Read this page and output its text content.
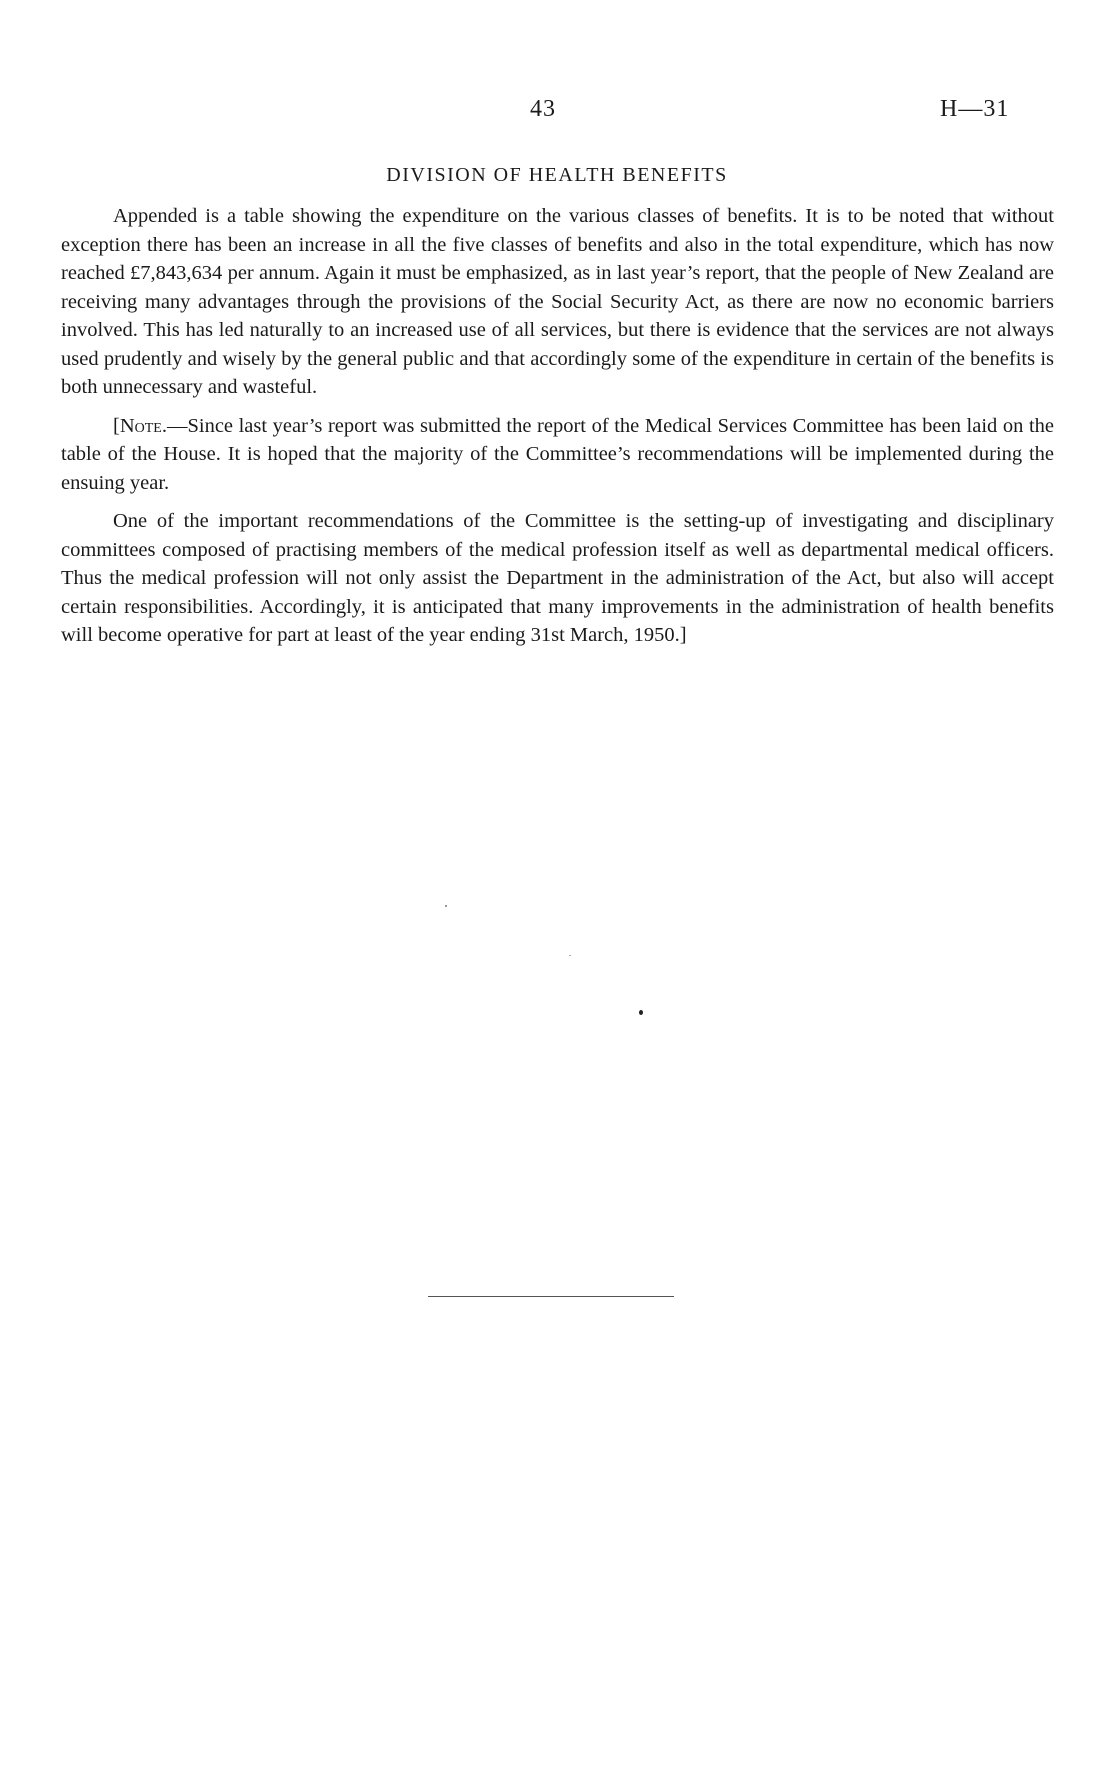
43	H—31
DIVISION OF HEALTH BENEFITS

Appended is a table showing the expenditure on the various classes of benefits. It is to be noted that without exception there has been an increase in all the five classes of benefits and also in the total expenditure, which has now reached £7,843,634 per annum. Again it must be emphasized, as in last year’s report, that the people of New Zealand are receiving many advantages through the provisions of the Social Security Act, as there are now no economic barriers involved. This has led naturally to an increased use of all services, but there is evidence that the services are not always used prudently and wisely by the general public and that accordingly some of the expenditure in certain of the benefits is both unnecessary and wasteful.

[Note.—Since last year’s report was submitted the report of the Medical Services Committee has been laid on the table of the House. It is hoped that the majority of the Committee’s recommendations will be implemented during the ensuing year.

One of the important recommendations of the Committee is the setting-up of investigating and disciplinary committees composed of practising members of the medical profession itself as well as departmental medical officers. Thus the medical profession will not only assist the Department in the administration of the Act, but also will accept certain responsibilities. Accordingly, it is anticipated that many improvements in the administration of health benefits will become operative for part at least of the year ending 31st March, 1950.]
